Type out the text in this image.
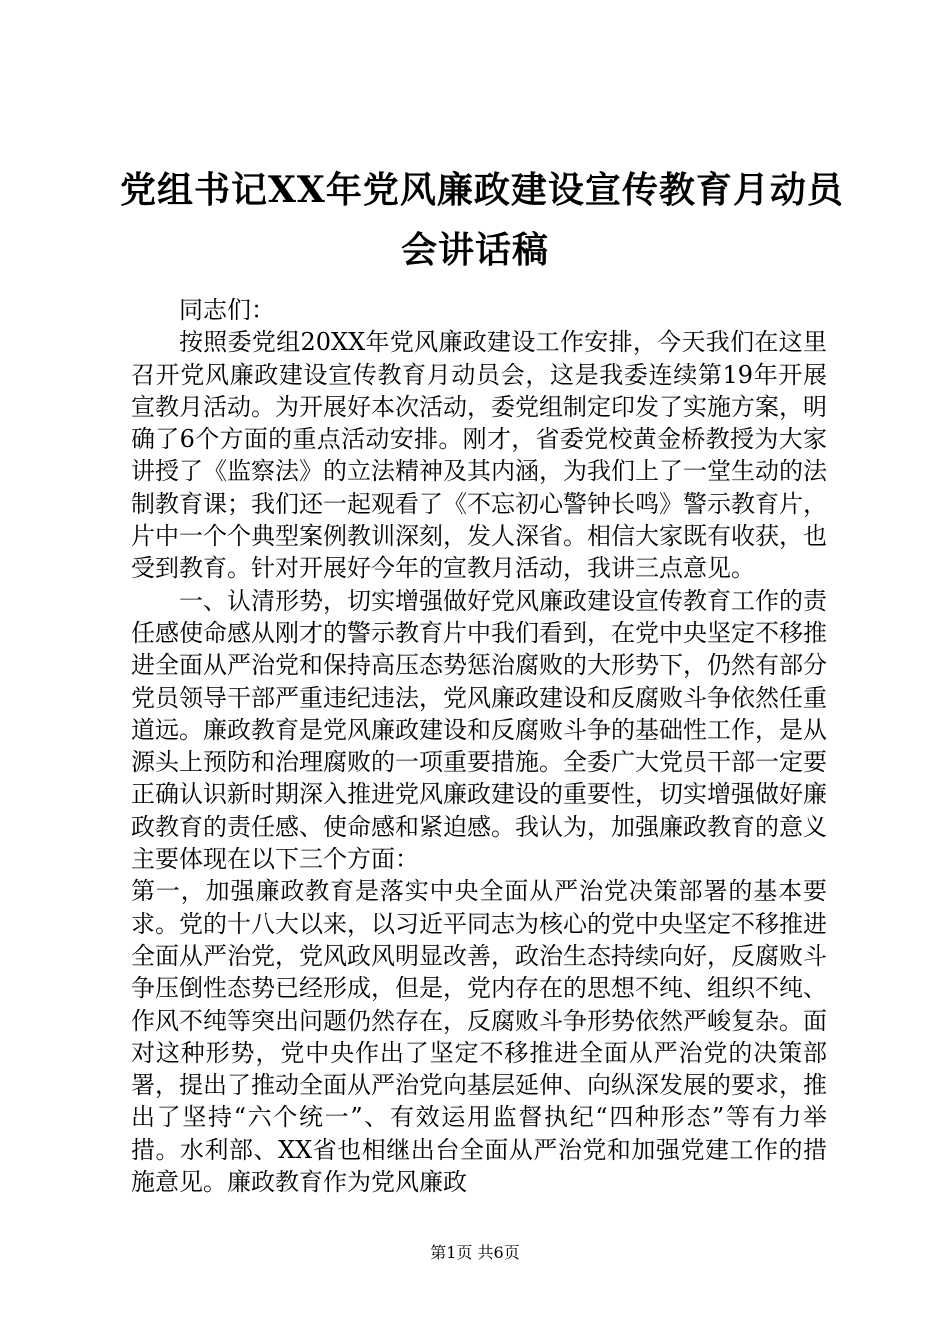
党组书记XX年党风廉政建设宣传教育月动员
会讲话稿

同志们：

按照委党组20XX年党风廉政建设工作安排，今天我们在这里召开党风廉政建设宣传教育月动员会，这是我委连续第19年开展宣教月活动。为开展好本次活动，委党组制定印发了实施方案，明确了6个方面的重点活动安排。刚才，省委党校黄金桥教授为大家讲授了《监察法》的立法精神及其内涵，为我们上了一堂生动的法制教育课；我们还一起观看了《不忘初心警钟长鸣》警示教育片，片中一个个典型案例教训深刻，发人深省。相信大家既有收获，也受到教育。针对开展好今年的宣教月活动，我讲三点意见。

一、认清形势，切实增强做好党风廉政建设宣传教育工作的责任感使命感从刚才的警示教育片中我们看到，在党中央坚定不移推进全面从严治党和保持高压态势惩治腐败的大形势下，仍然有部分党员领导干部严重违纪违法，党风廉政建设和反腐败斗争依然任重道远。廉政教育是党风廉政建设和反腐败斗争的基础性工作，是从源头上预防和治理腐败的一项重要措施。全委广大党员干部一定要正确认识新时期深入推进党风廉政建设的重要性，切实增强做好廉政教育的责任感、使命感和紧迫感。我认为，加强廉政教育的意义主要体现在以下三个方面：

第一，加强廉政教育是落实中央全面从严治党决策部署的基本要求。党的十八大以来，以习近平同志为核心的党中央坚定不移推进全面从严治党，党风政风明显改善，政治生态持续向好，反腐败斗争压倒性态势已经形成，但是，党内存在的思想不纯、组织不纯、作风不纯等突出问题仍然存在，反腐败斗争形势依然严峻复杂。面对这种形势，党中央作出了坚定不移推进全面从严治党的决策部署，提出了推动全面从严治党向基层延伸、向纵深发展的要求，推出了坚持“六个统一”、有效运用监督执纪“四种形态”等有力举措。水利部、XX省也相继出台全面从严治党和加强党建工作的措施意见。廉政教育作为党风廉政

第1页 共6页
